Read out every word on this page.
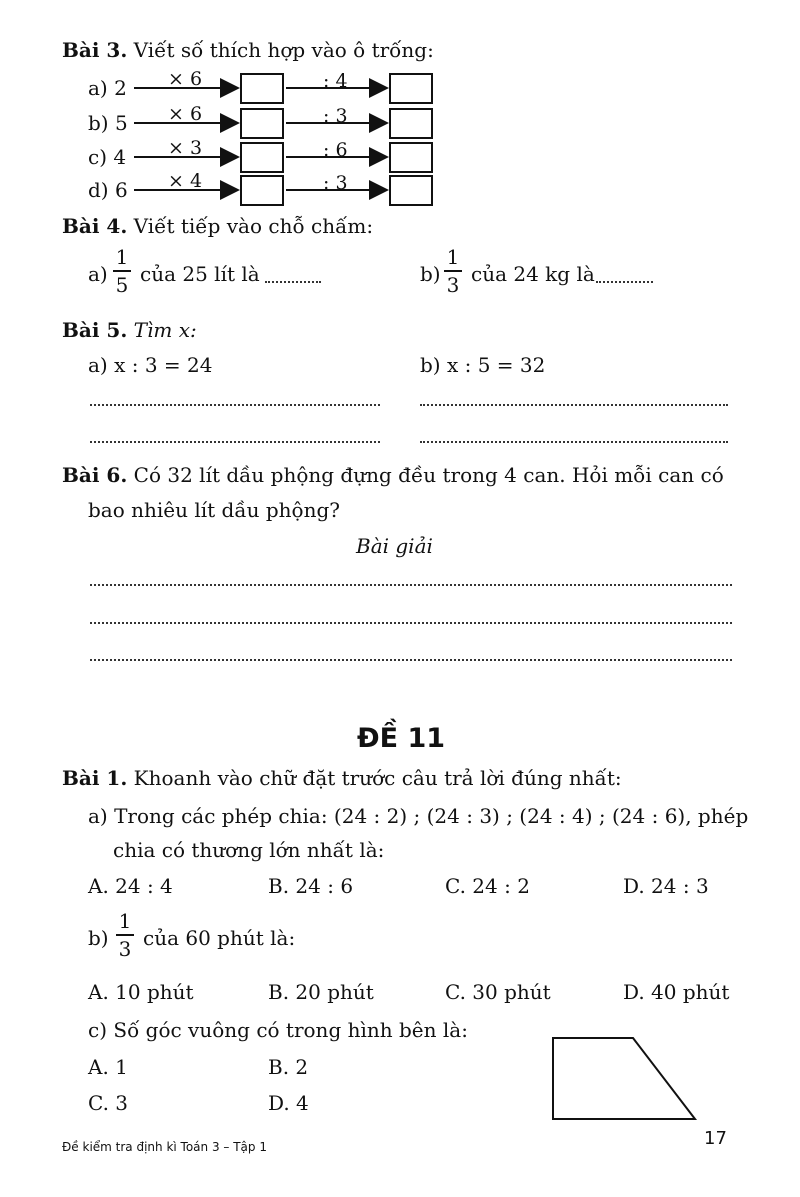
Bài 3. Viết số thích hợp vào ô trống:
a) 2 × 6	: 4
b) 5 × 6	: 3
c) 4 × 3	: 6
d) 6 × 4	: 3
Bài 4. Viết tiếp vào chỗ chấm:
a)
1
5 của 25 lít là	b)
1
3 của 24 kg là
Bài 5. Tìm x:
a) x : 3 = 24	b) x : 5 = 32
Bài 6. Có 32 lít dầu phộng đựng đều trong 4 can. Hỏi mỗi can có
bao nhiêu lít dầu phộng?
Bài giải
ĐỀ 11
Bài 1. Khoanh vào chữ đặt trước câu trả lời đúng nhất:
a) Trong các phép chia: (24 : 2) ; (24 : 3) ; (24 : 4) ; (24 : 6), phép
chia có thương lớn nhất là:
A. 24 : 4	B. 24 : 6	C. 24 : 2	D. 24 : 3
b)
1
3 của 60 phút là:
A. 10 phút	B. 20 phút	C. 30 phút	D. 40 phút
c) Số góc vuông có trong hình bên là:
A. 1	B. 2
C. 3	D. 4
Đề kiểm tra định kì Toán 3 – Tập 1	17
